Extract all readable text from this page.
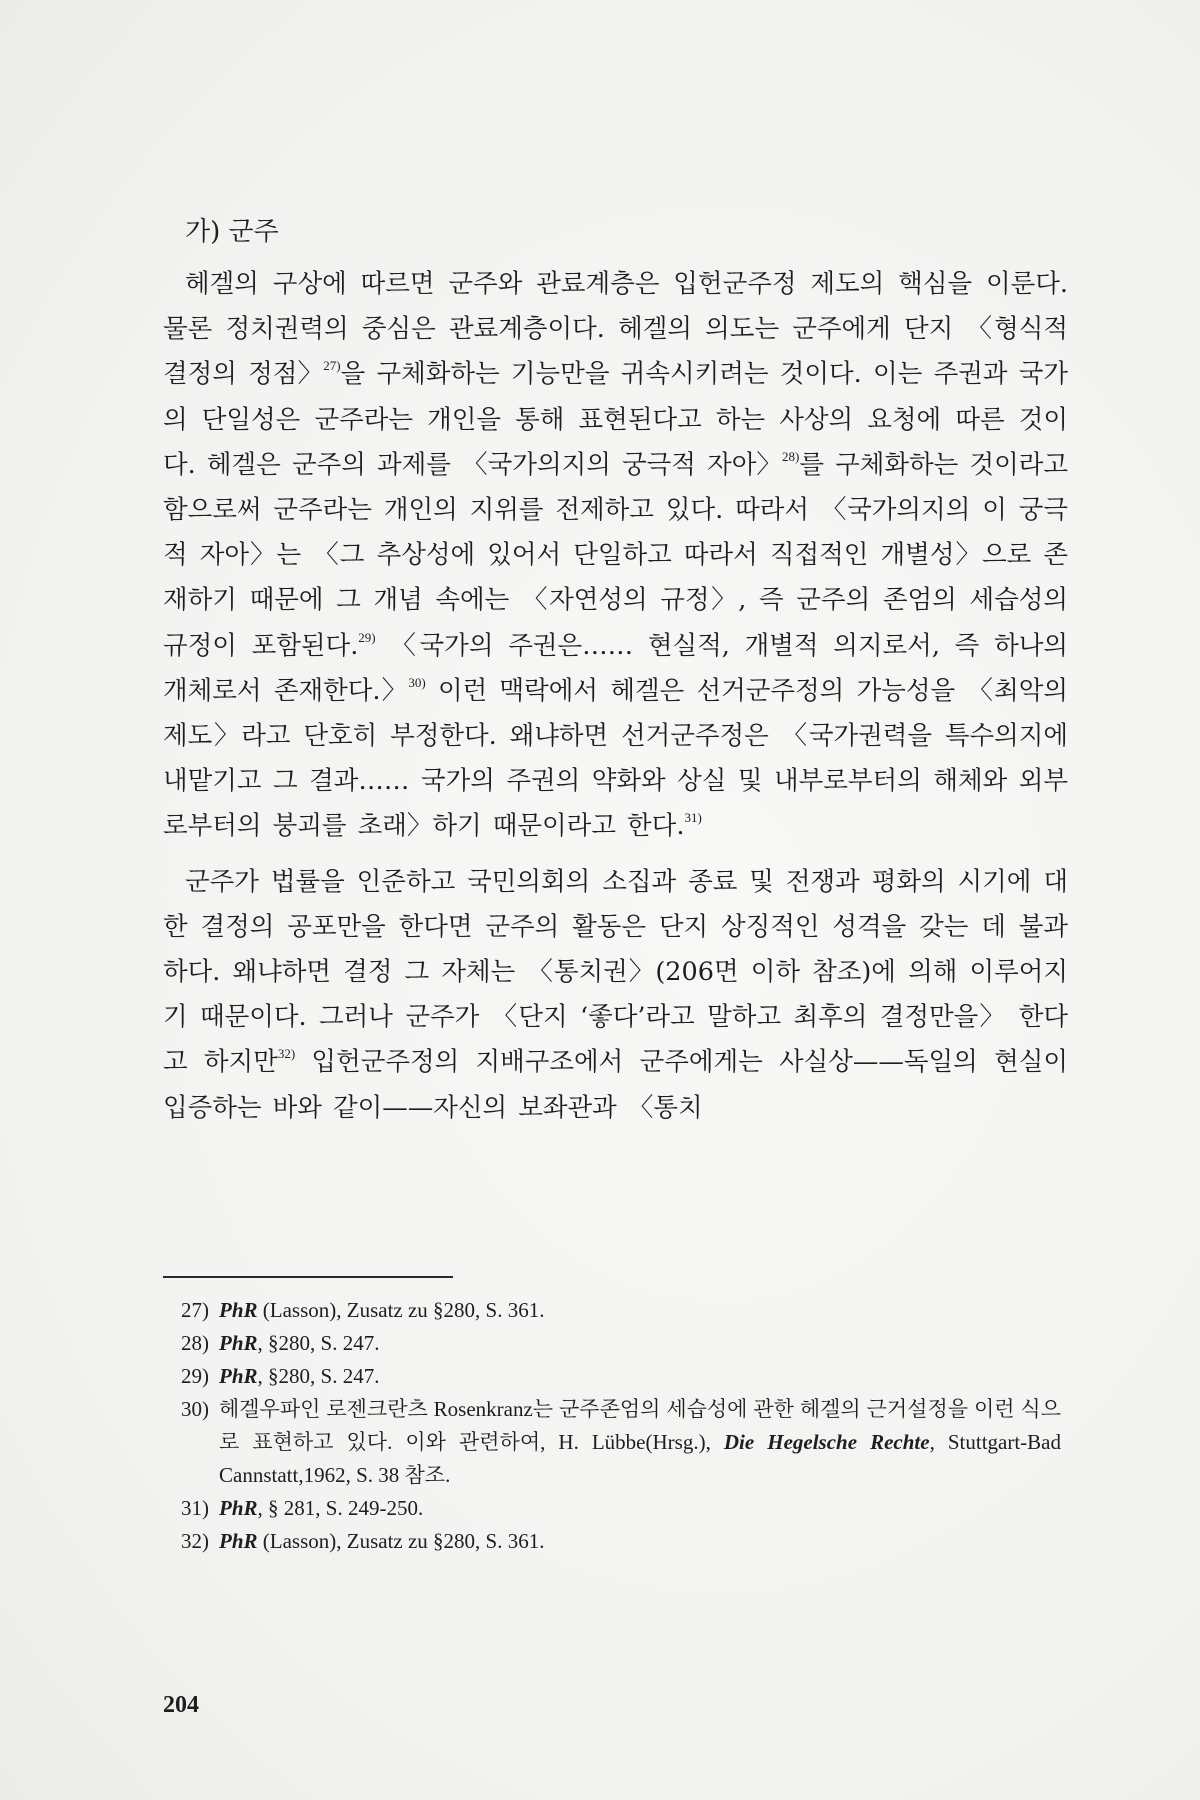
가) 군주

헤겔의 구상에 따르면 군주와 관료계층은 입헌군주정 제도의 핵심을 이룬다. 물론 정치권력의 중심은 관료계층이다. 헤겔의 의도는 군주에게 단지 〈형식적 결정의 정점〉$^{27)}$을 구체화하는 기능만을 귀속시키려는 것이다. 이는 주권과 국가의 단일성은 군주라는 개인을 통해 표현된다고 하는 사상의 요청에 따른 것이다. 헤겔은 군주의 과제를 〈국가의지의 궁극적 자아〉$^{28)}$를 구체화하는 것이라고 함으로써 군주라는 개인의 지위를 전제하고 있다. 따라서 〈국가의지의 이 궁극적 자아〉는 〈그 추상성에 있어서 단일하고 따라서 직접적인 개별성〉으로 존재하기 때문에 그 개념 속에는 〈자연성의 규정〉, 즉 군주의 존엄의 세습성의 규정이 포함된다.$^{29)}$ 〈국가의 주권은…… 현실적, 개별적 의지로서, 즉 하나의 개체로서 존재한다.〉$^{30)}$ 이런 맥락에서 헤겔은 선거군주정의 가능성을 〈최악의 제도〉라고 단호히 부정한다. 왜냐하면 선거군주정은 〈국가권력을 특수의지에 내맡기고 그 결과…… 국가의 주권의 약화와 상실 및 내부로부터의 해체와 외부로부터의 붕괴를 초래〉하기 때문이라고 한다.$^{31)}$

군주가 법률을 인준하고 국민의회의 소집과 종료 및 전쟁과 평화의 시기에 대한 결정의 공포만을 한다면 군주의 활동은 단지 상징적인 성격을 갖는 데 불과하다. 왜냐하면 결정 그 자체는 〈통치권〉(206면 이하 참조)에 의해 이루어지기 때문이다. 그러나 군주가 〈단지 ‘좋다’라고 말하고 최후의 결정만을〉 한다고 하지만$^{32)}$ 입헌군주정의 지배구조에서 군주에게는 사실상——독일의 현실이 입증하는 바와 같이——자신의 보좌관과 〈통치

27) PhR (Lasson), Zusatz zu §280, S. 361.

28) PhR, §280, S. 247.

29) PhR, §280, S. 247.

30) 헤겔우파인 로젠크란츠 Rosenkranz는 군주존엄의 세습성에 관한 헤겔의 근거설정을 이런 식으로 표현하고 있다. 이와 관련하여, H. Lübbe(Hrsg.), Die Hegelsche Rechte, Stuttgart-Bad Cannstatt,1962, S. 38 참조.

31) PhR, § 281, S. 249-250.

32) PhR (Lasson), Zusatz zu §280, S. 361.

204
